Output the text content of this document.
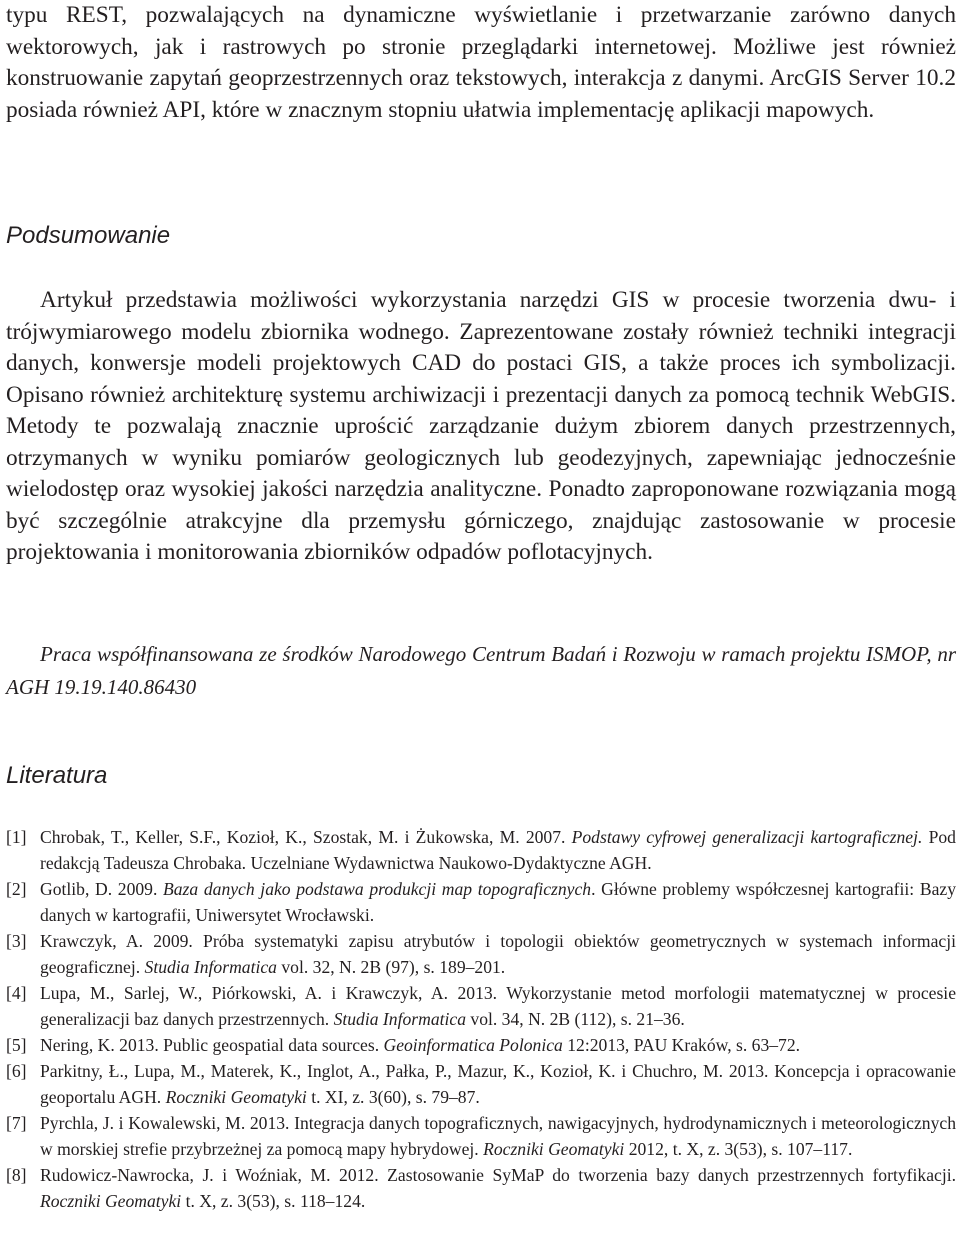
typu REST, pozwalających na dynamiczne wyświetlanie i przetwarzanie zarówno danych wektorowych, jak i rastrowych po stronie przeglądarki internetowej. Możliwe jest również konstruowanie zapytań geoprzestrzennych oraz tekstowych, interakcja z danymi. ArcGIS Server 10.2 posiada również API, które w znacznym stopniu ułatwia implementację aplikacji mapowych.

Podsumowanie

Artykuł przedstawia możliwości wykorzystania narzędzi GIS w procesie tworzenia dwu- i trójwymiarowego modelu zbiornika wodnego. Zaprezentowane zostały również techniki integracji danych, konwersje modeli projektowych CAD do postaci GIS, a także proces ich symbolizacji. Opisano również architekturę systemu archiwizacji i prezentacji danych za pomocą technik WebGIS. Metody te pozwalają znacznie uprościć zarządzanie dużym zbiorem danych przestrzennych, otrzymanych w wyniku pomiarów geologicznych lub geodezyjnych, zapewniając jednocześnie wielodostęp oraz wysokiej jakości narzędzia analityczne. Ponadto zaproponowane rozwiązania mogą być szczególnie atrakcyjne dla przemysłu górniczego, znajdując zastosowanie w procesie projektowania i monitorowania zbiorników odpadów poflotacyjnych.

Praca współfinansowana ze środków Narodowego Centrum Badań i Rozwoju w ramach projektu ISMOP, nr AGH 19.19.140.86430

Literatura
[1] Chrobak, T., Keller, S.F., Kozioł, K., Szostak, M. i Żukowska, M. 2007. Podstawy cyfrowej generalizacji kartograficznej. Pod redakcją Tadeusza Chrobaka. Uczelniane Wydawnictwa Naukowo-Dydaktyczne AGH.
[2] Gotlib, D. 2009. Baza danych jako podstawa produkcji map topograficznych. Główne problemy współczesnej kartografii: Bazy danych w kartografii, Uniwersytet Wrocławski.
[3] Krawczyk, A. 2009. Próba systematyki zapisu atrybutów i topologii obiektów geometrycznych w systemach informacji geograficznej. Studia Informatica vol. 32, N. 2B (97), s. 189–201.
[4] Lupa, M., Sarlej, W., Piórkowski, A. i Krawczyk, A. 2013. Wykorzystanie metod morfologii matematycznej w procesie generalizacji baz danych przestrzennych. Studia Informatica vol. 34, N. 2B (112), s. 21–36.
[5] Nering, K. 2013. Public geospatial data sources. Geoinformatica Polonica 12:2013, PAU Kraków, s. 63–72.
[6] Parkitny, Ł., Lupa, M., Materek, K., Inglot, A., Pałka, P., Mazur, K., Kozioł, K. i Chuchro, M. 2013. Koncepcja i opracowanie geoportalu AGH. Roczniki Geomatyki t. XI, z. 3(60), s. 79–87.
[7] Pyrchla, J. i Kowalewski, M. 2013. Integracja danych topograficznych, nawigacyjnych, hydrodynamicznych i meteorologicznych w morskiej strefie przybrzeżnej za pomocą mapy hybrydowej. Roczniki Geomatyki 2012, t. X, z. 3(53), s. 107–117.
[8] Rudowicz-Nawrocka, J. i Woźniak, M. 2012. Zastosowanie SyMaP do tworzenia bazy danych przestrzennych fortyfikacji. Roczniki Geomatyki t. X, z. 3(53), s. 118–124.
